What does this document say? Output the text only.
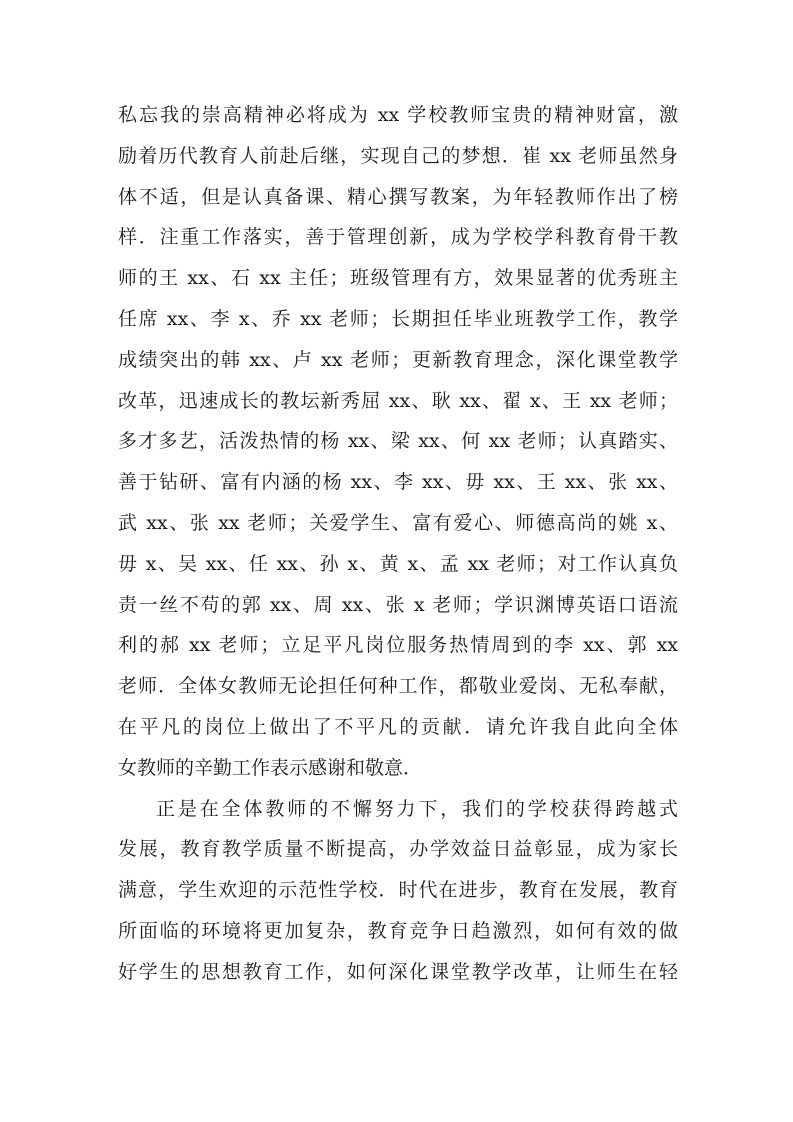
私忘我的崇高精神必将成为 xx 学校教师宝贵的精神财富，激
励着历代教育人前赴后继，实现自己的梦想．崔 xx 老师虽然身
体不适，但是认真备课、精心撰写教案，为年轻教师作出了榜
样．注重工作落实，善于管理创新，成为学校学科教育骨干教
师的王 xx、石 xx 主任；班级管理有方，效果显著的优秀班主
任席 xx、李 x、乔 xx 老师；长期担任毕业班教学工作，教学
成绩突出的韩 xx、卢 xx 老师；更新教育理念，深化课堂教学
改革，迅速成长的教坛新秀屈 xx、耿 xx、翟 x、王 xx 老师；
多才多艺，活泼热情的杨 xx、梁 xx、何 xx 老师；认真踏实、
善于钻研、富有内涵的杨 xx、李 xx、毋 xx、王 xx、张 xx、
武 xx、张 xx 老师；关爱学生、富有爱心、师德高尚的姚 x、
毋 x、吴 xx、任 xx、孙 x、黄 x、孟 xx 老师；对工作认真负
责一丝不苟的郭 xx、周 xx、张 x 老师；学识渊博英语口语流
利的郝 xx 老师；立足平凡岗位服务热情周到的李 xx、郭 xx
老师．全体女教师无论担任何种工作，都敬业爱岗、无私奉献，
在平凡的岗位上做出了不平凡的贡献．请允许我自此向全体
女教师的辛勤工作表示感谢和敬意．
正是在全体教师的不懈努力下，我们的学校获得跨越式
发展，教育教学质量不断提高，办学效益日益彰显，成为家长
满意，学生欢迎的示范性学校．时代在进步，教育在发展，教育
所面临的环境将更加复杂，教育竞争日趋激烈，如何有效的做
好学生的思想教育工作，如何深化课堂教学改革，让师生在轻
